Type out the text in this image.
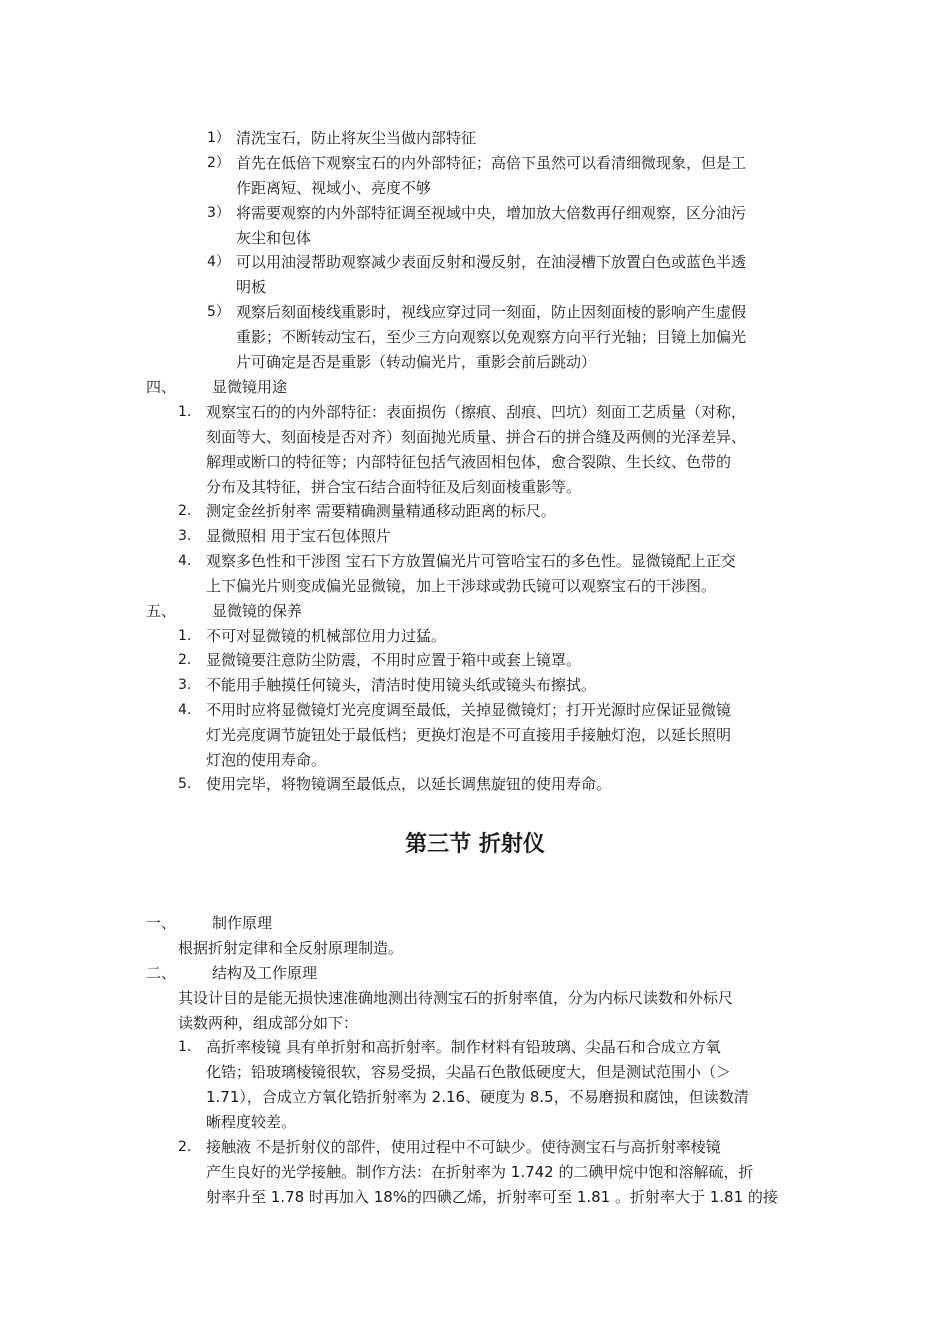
1） 清洗宝石，防止将灰尘当做内部特征
2） 首先在低倍下观察宝石的内外部特征；高倍下虽然可以看清细微现象，但是工
作距离短、视域小、亮度不够
3） 将需要观察的内外部特征调至视域中央，增加放大倍数再仔细观察，区分油污
灰尘和包体
4） 可以用油浸帮助观察减少表面反射和漫反射，在油浸槽下放置白色或蓝色半透
明板
5） 观察后刻面棱线重影时，视线应穿过同一刻面，防止因刻面棱的影响产生虚假
重影；不断转动宝石，至少三方向观察以免观察方向平行光轴；目镜上加偏光
片可确定是否是重影（转动偏光片，重影会前后跳动）
四、 显微镜用途
1. 观察宝石的的内外部特征：表面损伤（擦痕、刮痕、凹坑）刻面工艺质量（对称，
刻面等大、刻面棱是否对齐）刻面抛光质量、拼合石的拼合缝及两侧的光泽差异、
解理或断口的特征等；内部特征包括气液固相包体，愈合裂隙、生长纹、色带的
分布及其特征，拼合宝石结合面特征及后刻面棱重影等。
2. 测定金丝折射率 需要精确测量精通移动距离的标尺。
3. 显微照相 用于宝石包体照片
4. 观察多色性和干涉图 宝石下方放置偏光片可管哈宝石的多色性。显微镜配上正交
上下偏光片则变成偏光显微镜，加上干涉球或勃氏镜可以观察宝石的干涉图。
五、 显微镜的保养
1. 不可对显微镜的机械部位用力过猛。
2. 显微镜要注意防尘防震，不用时应置于箱中或套上镜罩。
3. 不能用手触摸任何镜头，清洁时使用镜头纸或镜头布擦拭。
4. 不用时应将显微镜灯光亮度调至最低，关掉显微镜灯；打开光源时应保证显微镜
灯光亮度调节旋钮处于最低档；更换灯泡是不可直接用手接触灯泡，以延长照明
灯泡的使用寿命。
5. 使用完毕，将物镜调至最低点，以延长调焦旋钮的使用寿命。
第三节 折射仪
一、 制作原理
根据折射定律和全反射原理制造。
二、 结构及工作原理
其设计目的是能无损快速准确地测出待测宝石的折射率值，分为内标尺读数和外标尺
读数两种，组成部分如下：
1. 高折率棱镜 具有单折射和高折射率。制作材料有铅玻璃、尖晶石和合成立方氧
化锆；铅玻璃棱镜很软，容易受损，尖晶石色散低硬度大，但是测试范围小（＞
1.71），合成立方氧化锆折射率为 2.16、硬度为 8.5，不易磨损和腐蚀，但读数清
晰程度较差。
2. 接触液 不是折射仪的部件，使用过程中不可缺少。使待测宝石与高折射率棱镜
产生良好的光学接触。制作方法：在折射率为 1.742 的二碘甲烷中饱和溶解硫，折
射率升至 1.78 时再加入 18%的四碘乙烯，折射率可至 1.81 。折射率大于 1.81 的接
